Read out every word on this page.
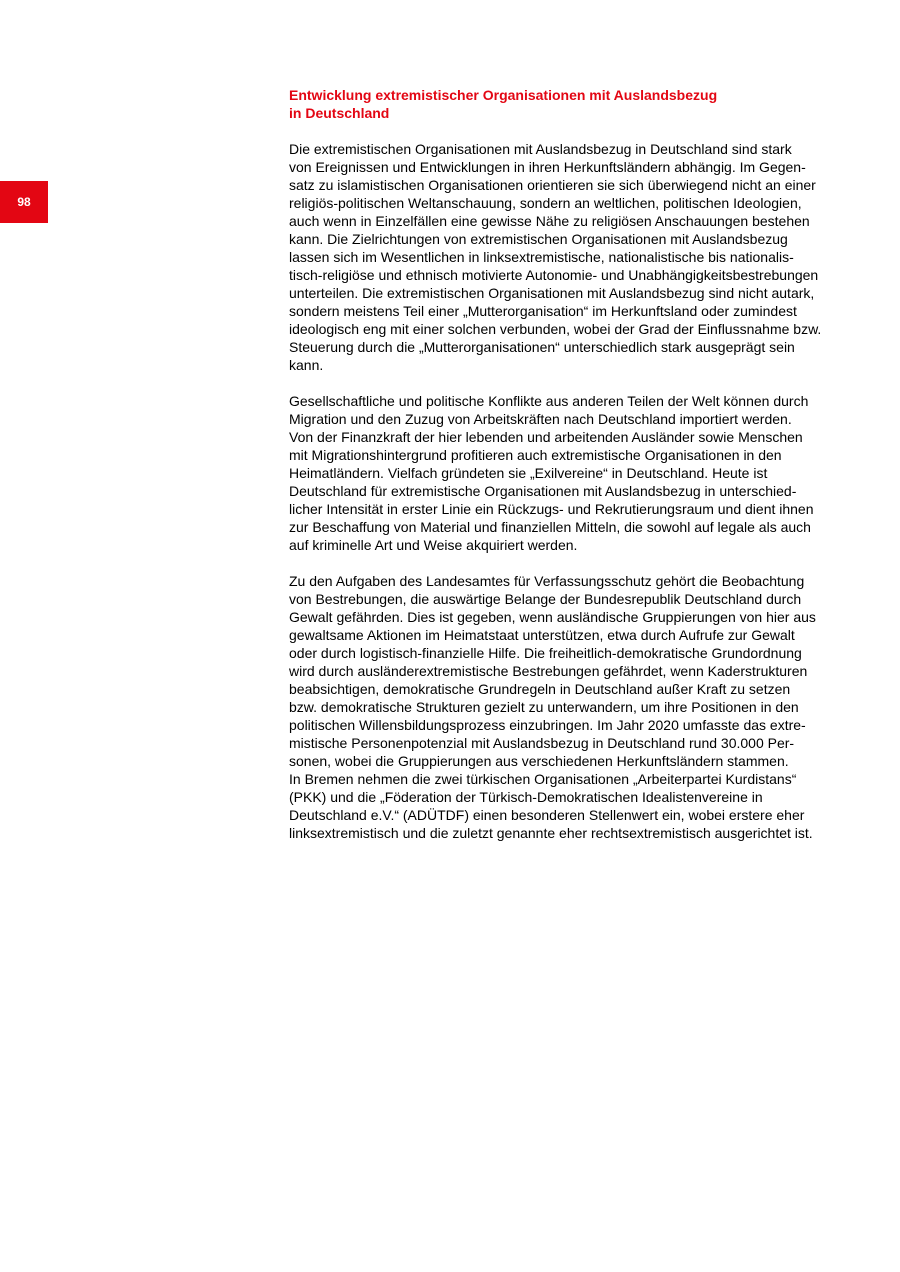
98
Entwicklung extremistischer Organisationen mit Auslandsbezug
in Deutschland
Die extremistischen Organisationen mit Auslandsbezug in Deutschland sind stark
von Ereignissen und Entwicklungen in ihren Herkunftsländern abhängig. Im Gegen-
satz zu islamistischen Organisationen orientieren sie sich überwiegend nicht an einer
religiös-politischen Weltanschauung, sondern an weltlichen, politischen Ideologien,
auch wenn in Einzelfällen eine gewisse Nähe zu religiösen Anschauungen bestehen
kann. Die Zielrichtungen von extremistischen Organisationen mit Auslandsbezug
lassen sich im Wesentlichen in linksextremistische, nationalistische bis nationalis-
tisch-religiöse und ethnisch motivierte Autonomie- und Unabhängigkeitsbestrebungen
unterteilen. Die extremistischen Organisationen mit Auslandsbezug sind nicht autark,
sondern meistens Teil einer „Mutterorganisation“ im Herkunftsland oder zumindest
ideologisch eng mit einer solchen verbunden, wobei der Grad der Einflussnahme bzw.
Steuerung durch die „Mutterorganisationen“ unterschiedlich stark ausgeprägt sein
kann.
Gesellschaftliche und politische Konflikte aus anderen Teilen der Welt können durch
Migration und den Zuzug von Arbeitskräften nach Deutschland importiert werden.
Von der Finanzkraft der hier lebenden und arbeitenden Ausländer sowie Menschen
mit Migrationshintergrund profitieren auch extremistische Organisationen in den
Heimatländern. Vielfach gründeten sie „Exilvereine“ in Deutschland. Heute ist
Deutschland für extremistische Organisationen mit Auslandsbezug in unterschied-
licher Intensität in erster Linie ein Rückzugs- und Rekrutierungsraum und dient ihnen
zur Beschaffung von Material und finanziellen Mitteln, die sowohl auf legale als auch
auf kriminelle Art und Weise akquiriert werden.
Zu den Aufgaben des Landesamtes für Verfassungsschutz gehört die Beobachtung
von Bestrebungen, die auswärtige Belange der Bundesrepublik Deutschland durch
Gewalt gefährden. Dies ist gegeben, wenn ausländische Gruppierungen von hier aus
gewaltsame Aktionen im Heimatstaat unterstützen, etwa durch Aufrufe zur Gewalt
oder durch logistisch-finanzielle Hilfe. Die freiheitlich-demokratische Grundordnung
wird durch ausländerextremistische Bestrebungen gefährdet, wenn Kaderstrukturen
beabsichtigen, demokratische Grundregeln in Deutschland außer Kraft zu setzen
bzw. demokratische Strukturen gezielt zu unterwandern, um ihre Positionen in den
politischen Willensbildungsprozess einzubringen. Im Jahr 2020 umfasste das extre-
mistische Personenpotenzial mit Auslandsbezug in Deutschland rund 30.000 Per-
sonen, wobei die Gruppierungen aus verschiedenen Herkunftsländern stammen.
In Bremen nehmen die zwei türkischen Organisationen „Arbeiterpartei Kurdistans“
(PKK) und die „Föderation der Türkisch-Demokratischen Idealistenvereine in
Deutschland e.V.“ (ADÜTDF) einen besonderen Stellenwert ein, wobei erstere eher
linksextremistisch und die zuletzt genannte eher rechtsextremistisch ausgerichtet ist.
